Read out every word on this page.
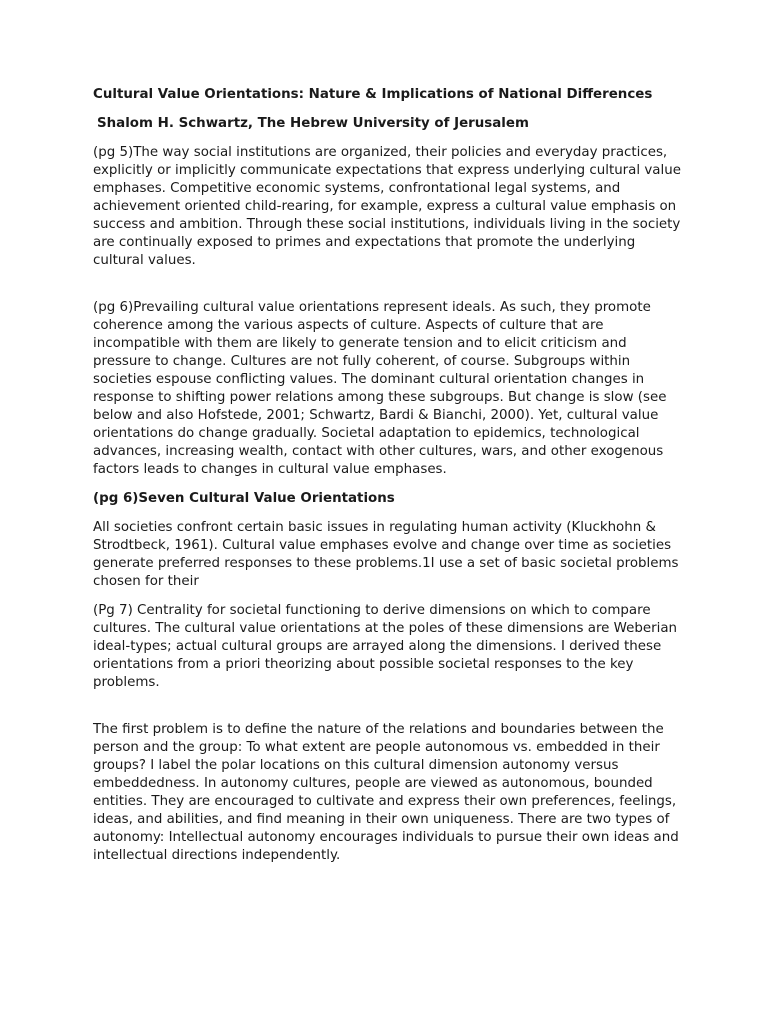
Cultural Value Orientations: Nature & Implications of National Differences

Shalom H. Schwartz, The Hebrew University of Jerusalem

(pg 5)The way social institutions are organized, their policies and everyday practices, explicitly or implicitly communicate expectations that express underlying cultural value emphases. Competitive economic systems, confrontational legal systems, and achievement oriented child-rearing, for example, express a cultural value emphasis on success and ambition. Through these social institutions, individuals living in the society are continually exposed to primes and expectations that promote the underlying cultural values.

(pg 6)Prevailing cultural value orientations represent ideals. As such, they promote coherence among the various aspects of culture. Aspects of culture that are incompatible with them are likely to generate tension and to elicit criticism and pressure to change. Cultures are not fully coherent, of course. Subgroups within societies espouse conflicting values. The dominant cultural orientation changes in response to shifting power relations among these subgroups. But change is slow (see below and also Hofstede, 2001; Schwartz, Bardi & Bianchi, 2000). Yet, cultural value orientations do change gradually. Societal adaptation to epidemics, technological advances, increasing wealth, contact with other cultures, wars, and other exogenous factors leads to changes in cultural value emphases.

(pg 6)Seven Cultural Value Orientations

All societies confront certain basic issues in regulating human activity (Kluckhohn & Strodtbeck, 1961). Cultural value emphases evolve and change over time as societies generate preferred responses to these problems.1I use a set of basic societal problems chosen for their

(Pg 7) Centrality for societal functioning to derive dimensions on which to compare cultures. The cultural value orientations at the poles of these dimensions are Weberian ideal-types; actual cultural groups are arrayed along the dimensions. I derived these orientations from a priori theorizing about possible societal responses to the key problems.

The first problem is to define the nature of the relations and boundaries between the person and the group: To what extent are people autonomous vs. embedded in their groups? I label the polar locations on this cultural dimension autonomy versus embeddedness. In autonomy cultures, people are viewed as autonomous, bounded entities. They are encouraged to cultivate and express their own preferences, feelings, ideas, and abilities, and find meaning in their own uniqueness. There are two types of autonomy: Intellectual autonomy encourages individuals to pursue their own ideas and intellectual directions independently.
